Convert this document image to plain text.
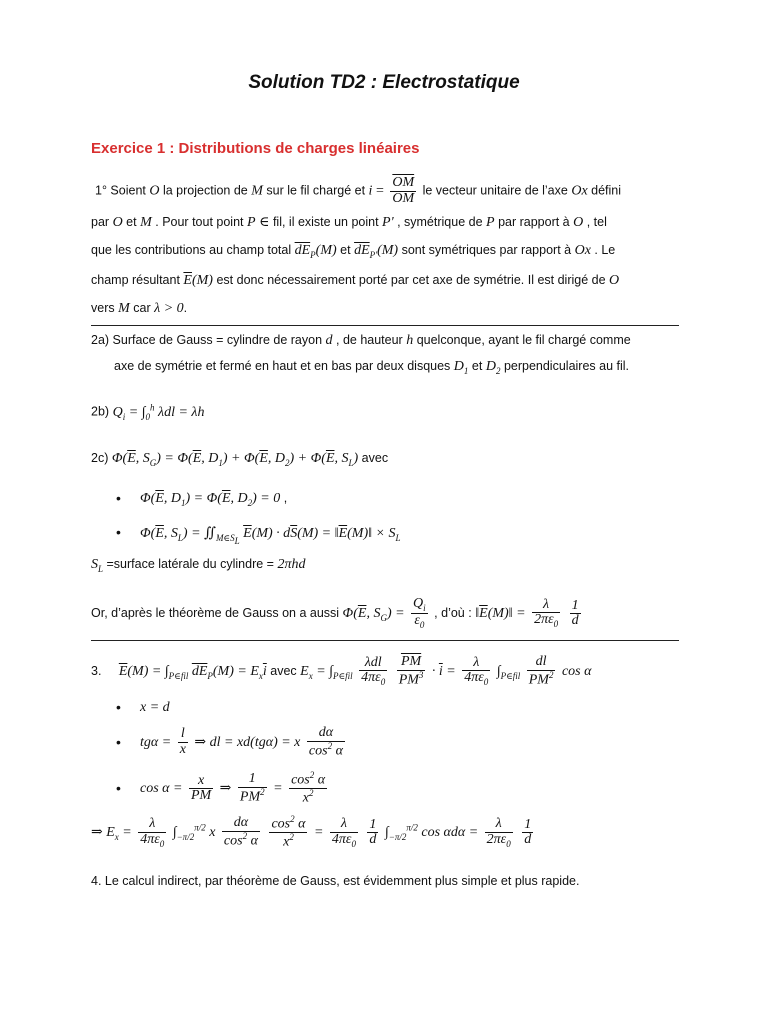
Solution TD2 : Electrostatique
Exercice 1 : Distributions de charges linéaires
1° Soient O la projection de M sur le fil chargé et $i = \frac{\overline{OM}}{OM}$ le vecteur unitaire de l’axe Ox défini
par O et M . Pour tout point P ∈ fil, il existe un point P' , symétrique de P par rapport à O , tel
que les contributions au champ total $\overline{dE}_P(M)$ et $\overline{dE}_{P'}(M)$ sont symétriques par rapport à Ox . Le
champ résultant $\overline{E}(M)$ est donc nécessairement porté par cet axe de symétrie. Il est dirigé de O
vers M car λ > 0.
2a) Surface de Gauss = cylindre de rayon d , de hauteur h quelconque, ayant le fil chargé comme
axe de symétrie et fermé en haut et en bas par deux disques $D_1$ et $D_2$ perpendiculaires au fil.
2b) $Q_i = \int_0^h$ λdl = λh
2c) $\Phi(\overline{E}$, $S_G) = \Phi(\overline{E}$, $D_1) + \Phi(\overline{E}$, $D_2) + \Phi(\overline{E}$, $S_L$) avec
• $\Phi(\overline{E}$, $D_1) = \Phi(\overline{E}$, $D_2) = 0$ ,
• $\Phi(\overline{E}$, $S_L$) = $∬_{M\in S_L}$ $\overline{E}(M) \cdot d\overline{S}(M)$ = $‖\overline{E}(M)‖ \times S_L$
$S_L$ =surface latérale du cylindre = 2πhd
Or, d’après le théorème de Gauss on a aussi $\Phi(\overline{E}$, $S_G) = \frac{Q_i}{\varepsilon_0}$ , d’où : $‖\overline{E}(M)‖ = \frac{\lambda}{2\pi\varepsilon_0}$
$\frac{1}{d}$
3. $\overline{E}(M) = \int_{P\in fil}$ $\overline{dE}_P(M) = E_x\overline{i}$ avec $E_x = \int_{P\in fil} \frac{\text{λdl}}{4\pi\varepsilon_0}$
$\frac{\overline{PM}}{PM^3} \cdot \overline{i} = \frac{\lambda}{4\pi\varepsilon_0} \int_{P\in fil} \frac{dl}{PM^2}$ cos α
• x = d
• $tg\alpha = \frac{l}{x}$ ⇒ dl = xd(tgα) = x $\frac{d\alpha}{\cos^2 \alpha}$
• $\cos \alpha = \frac{x}{PM}$ ⇒ $\frac{1}{PM^2} = \frac{\cos^2 \alpha}{x^2}$
⇒ $E_x = \frac{\lambda}{4\pi\varepsilon_0} \int_{-\pi/2}^{\pi/2}$ x $\frac{d\alpha}{\cos^2 \alpha}$
$\frac{\cos^2 \alpha}{x^2} = \frac{\lambda}{4\pi\varepsilon_0}$
$\frac{1}{d} \int_{-\pi/2}^{\pi/2}$ $\cos \alpha d\alpha = \frac{\lambda}{2\pi\varepsilon_0}$
$\frac{1}{d}$
4. Le calcul indirect, par théorème de Gauss, est évidemment plus simple et plus rapide.
